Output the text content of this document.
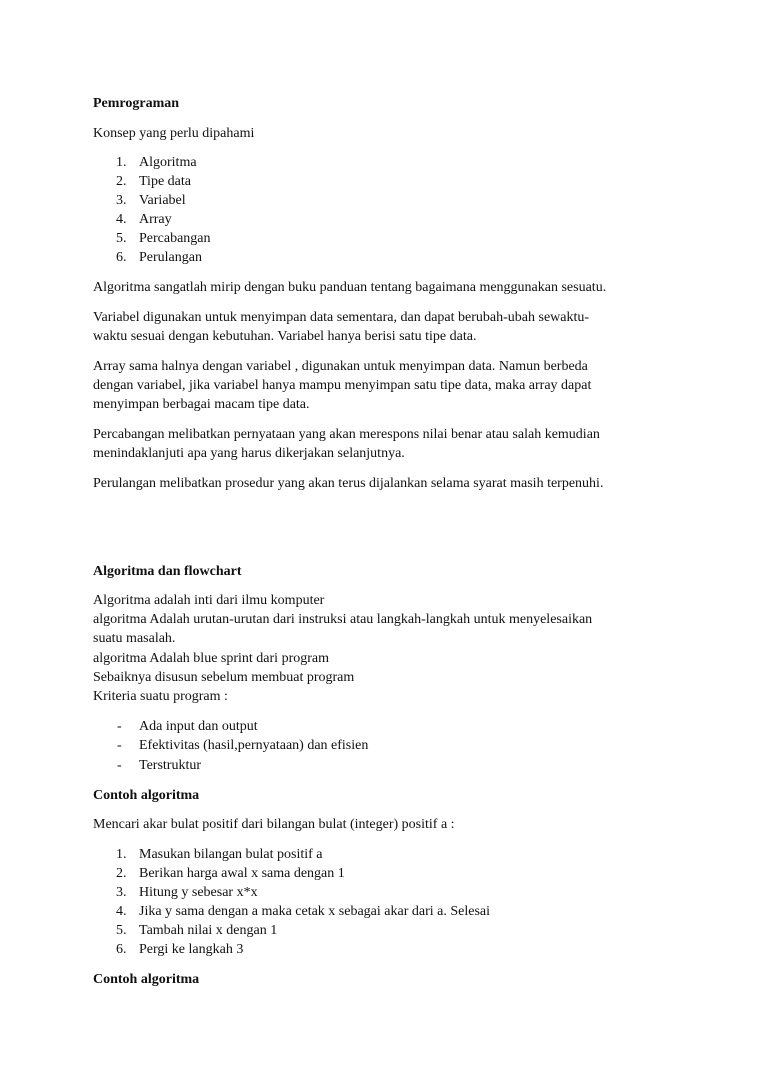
Pemrograman

Konsep yang perlu dipahami

1. Algoritma
2. Tipe data
3. Variabel
4. Array
5. Percabangan
6. Perulangan

Algoritma sangatlah mirip dengan buku panduan tentang bagaimana menggunakan sesuatu.

Variabel digunakan untuk menyimpan data sementara, dan dapat berubah-ubah sewaktu-

waktu sesuai dengan kebutuhan. Variabel hanya berisi satu tipe data.

Array sama halnya dengan variabel , digunakan untuk menyimpan data. Namun berbeda

dengan variabel, jika variabel hanya mampu menyimpan satu tipe data, maka array dapat

menyimpan berbagai macam tipe data.

Percabangan melibatkan pernyataan yang akan merespons nilai benar atau salah kemudian

menindaklanjuti apa yang harus dikerjakan selanjutnya.

Perulangan melibatkan prosedur yang akan terus dijalankan selama syarat masih terpenuhi.

Algoritma dan flowchart

Algoritma adalah inti dari ilmu komputer

algoritma Adalah urutan-urutan dari instruksi atau langkah-langkah untuk menyelesaikan

suatu masalah.

algoritma Adalah blue sprint dari program

Sebaiknya disusun sebelum membuat program

Kriteria suatu program :

- Ada input dan output
- Efektivitas (hasil,pernyataan) dan efisien
- Terstruktur

Contoh algoritma

Mencari akar bulat positif dari bilangan bulat (integer) positif a :

1. Masukan bilangan bulat positif a
2. Berikan harga awal x sama dengan 1
3. Hitung y sebesar x*x
4. Jika y sama dengan a maka cetak x sebagai akar dari a. Selesai
5. Tambah nilai x dengan 1
6. Pergi ke langkah 3

Contoh algoritma
